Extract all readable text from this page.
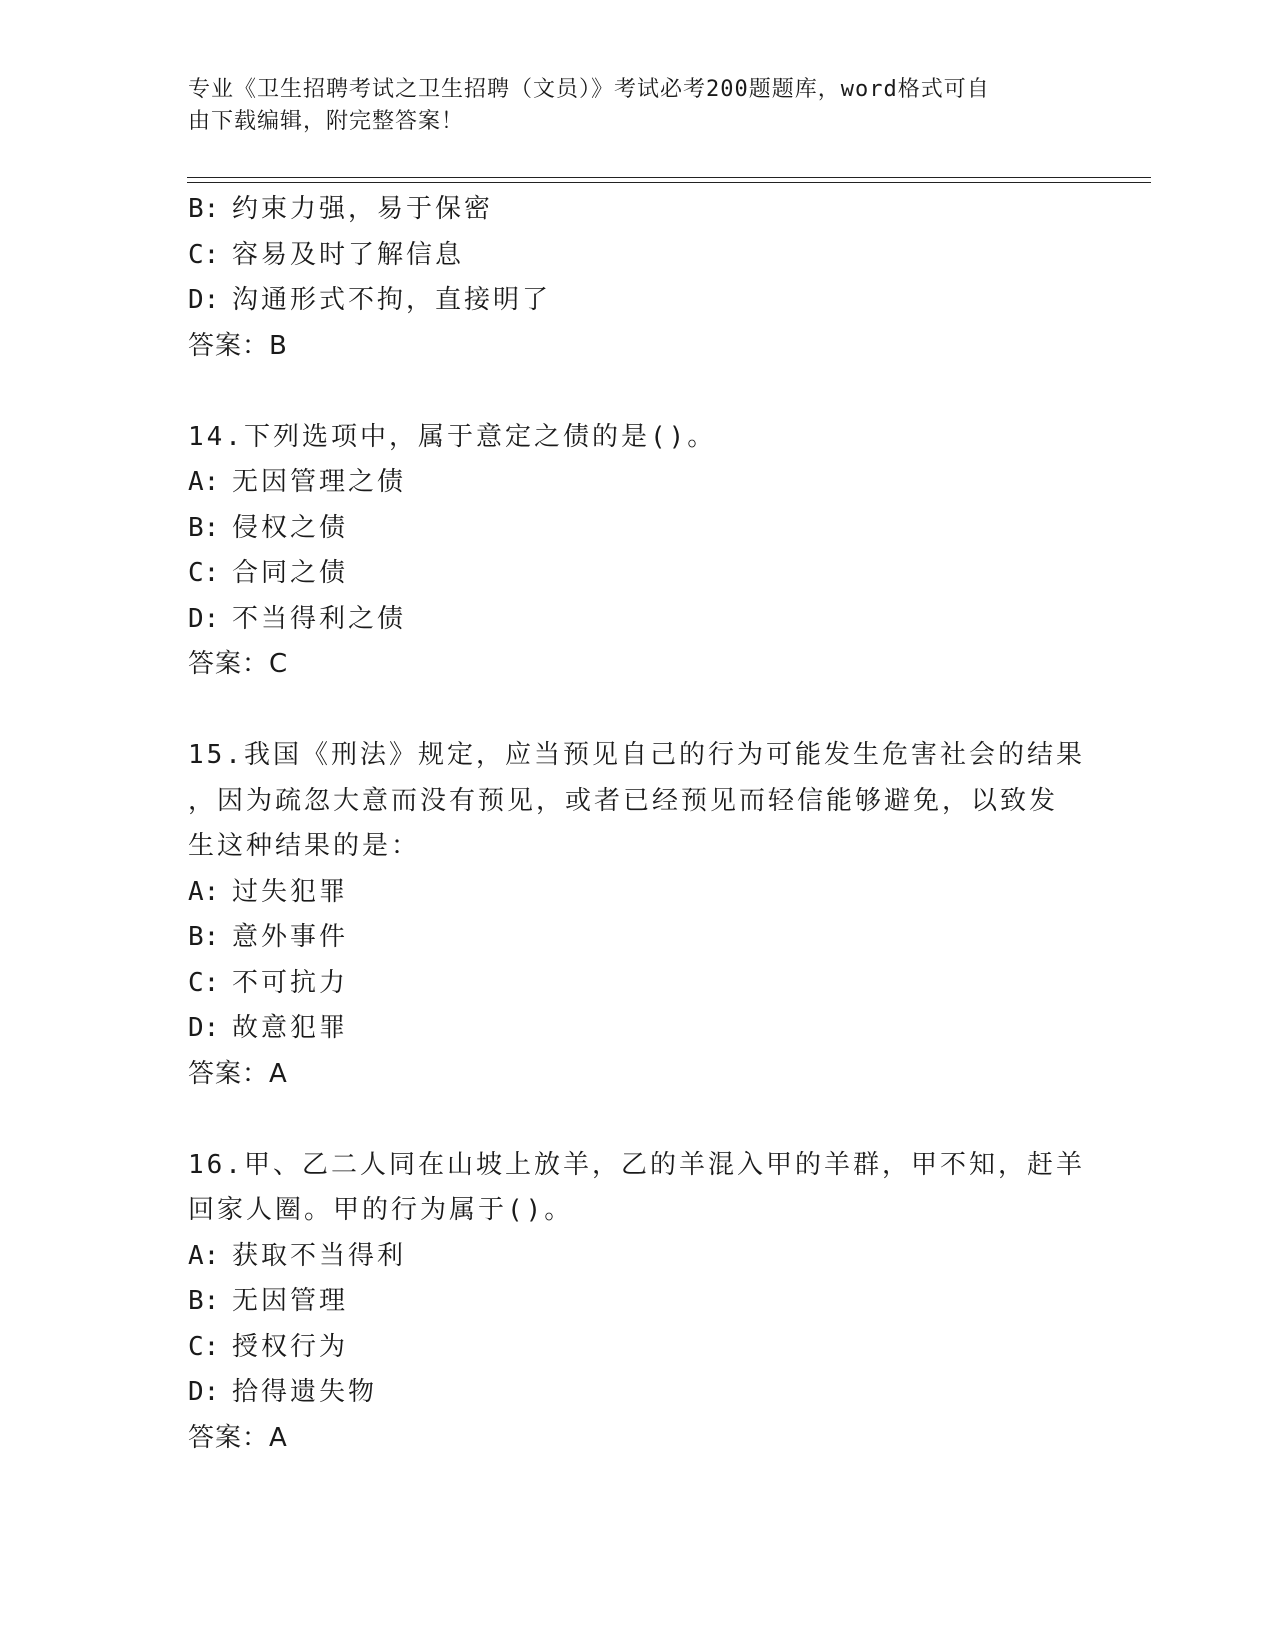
专业《卫生招聘考试之卫生招聘（文员）》考试必考200题题库，word格式可自
由下载编辑，附完整答案！
B: 约束力强，易于保密
C: 容易及时了解信息
D: 沟通形式不拘，直接明了
答案：B
14.下列选项中，属于意定之债的是()。
A: 无因管理之债
B: 侵权之债
C: 合同之债
D: 不当得利之债
答案：C
15.我国《刑法》规定，应当预见自己的行为可能发生危害社会的结果
，因为疏忽大意而没有预见，或者已经预见而轻信能够避免，以致发
生这种结果的是：
A: 过失犯罪
B: 意外事件
C: 不可抗力
D: 故意犯罪
答案：A
16.甲、乙二人同在山坡上放羊，乙的羊混入甲的羊群，甲不知，赶羊
回家人圈。甲的行为属于()。
A: 获取不当得利
B: 无因管理
C: 授权行为
D: 拾得遗失物
答案：A
